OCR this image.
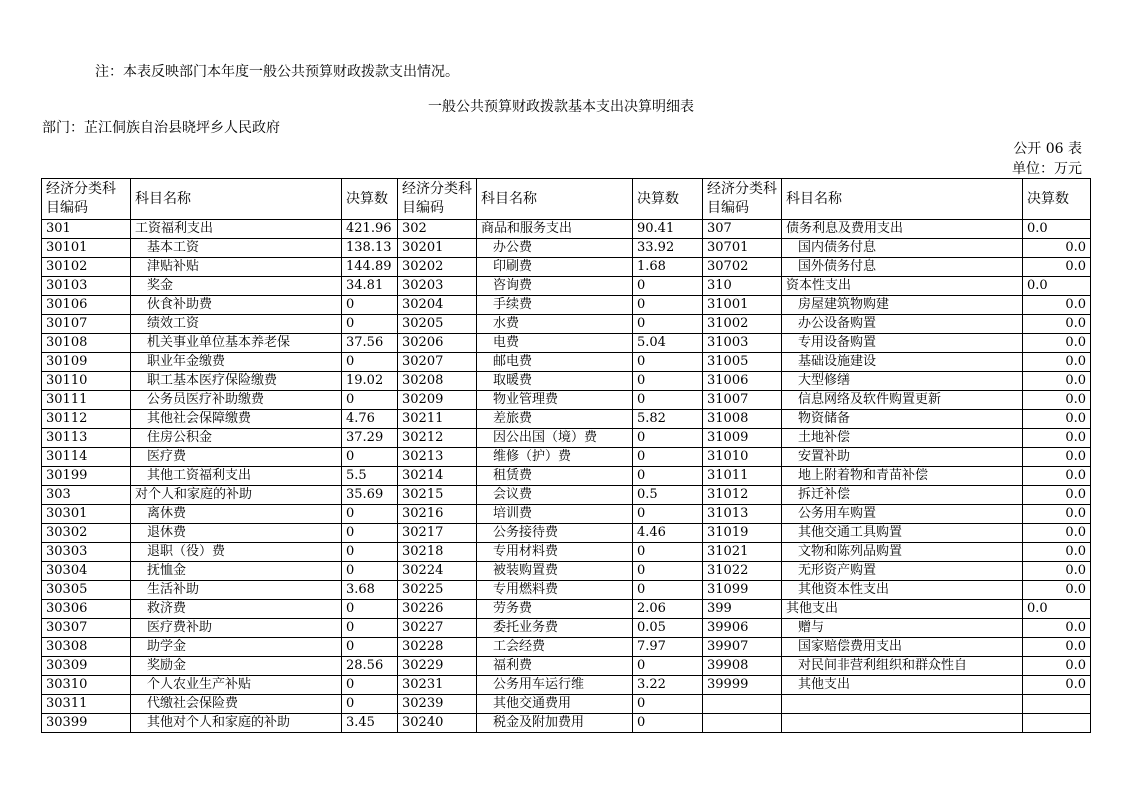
注：本表反映部门本年度一般公共预算财政拨款支出情况。
一般公共预算财政拨款基本支出决算明细表
部门：芷江侗族自治县晓坪乡人民政府
公开 06 表
单位：万元
经济分类科目编码	科目名称	决算数	经济分类科目编码	科目名称	决算数	经济分类科目编码	科目名称	决算数
301	工资福利支出	421.96	302	商品和服务支出	90.41	307	债务利息及费用支出	0.0
30101	基本工资	138.13	30201	办公费	33.92	30701	国内债务付息	0.0
30102	津贴补贴	144.89	30202	印刷费	1.68	30702	国外债务付息	0.0
30103	奖金	34.81	30203	咨询费	0	310	资本性支出	0.0
30106	伙食补助费	0	30204	手续费	0	31001	房屋建筑物购建	0.0
30107	绩效工资	0	30205	水费	0	31002	办公设备购置	0.0
30108	机关事业单位基本养老保	37.56	30206	电费	5.04	31003	专用设备购置	0.0
30109	职业年金缴费	0	30207	邮电费	0	31005	基础设施建设	0.0
30110	职工基本医疗保险缴费	19.02	30208	取暖费	0	31006	大型修缮	0.0
30111	公务员医疗补助缴费	0	30209	物业管理费	0	31007	信息网络及软件购置更新	0.0
30112	其他社会保障缴费	4.76	30211	差旅费	5.82	31008	物资储备	0.0
30113	住房公积金	37.29	30212	因公出国（境）费	0	31009	土地补偿	0.0
30114	医疗费	0	30213	维修（护）费	0	31010	安置补助	0.0
30199	其他工资福利支出	5.5	30214	租赁费	0	31011	地上附着物和青苗补偿	0.0
303	对个人和家庭的补助	35.69	30215	会议费	0.5	31012	拆迁补偿	0.0
30301	离休费	0	30216	培训费	0	31013	公务用车购置	0.0
30302	退休费	0	30217	公务接待费	4.46	31019	其他交通工具购置	0.0
30303	退职（役）费	0	30218	专用材料费	0	31021	文物和陈列品购置	0.0
30304	抚恤金	0	30224	被装购置费	0	31022	无形资产购置	0.0
30305	生活补助	3.68	30225	专用燃料费	0	31099	其他资本性支出	0.0
30306	救济费	0	30226	劳务费	2.06	399	其他支出	0.0
30307	医疗费补助	0	30227	委托业务费	0.05	39906	赠与	0.0
30308	助学金	0	30228	工会经费	7.97	39907	国家赔偿费用支出	0.0
30309	奖励金	28.56	30229	福利费	0	39908	对民间非营利组织和群众性自	0.0
30310	个人农业生产补贴	0	30231	公务用车运行维	3.22	39999	其他支出	0.0
30311	代缴社会保险费	0	30239	其他交通费用	0			
30399	其他对个人和家庭的补助	3.45	30240	税金及附加费用	0			
